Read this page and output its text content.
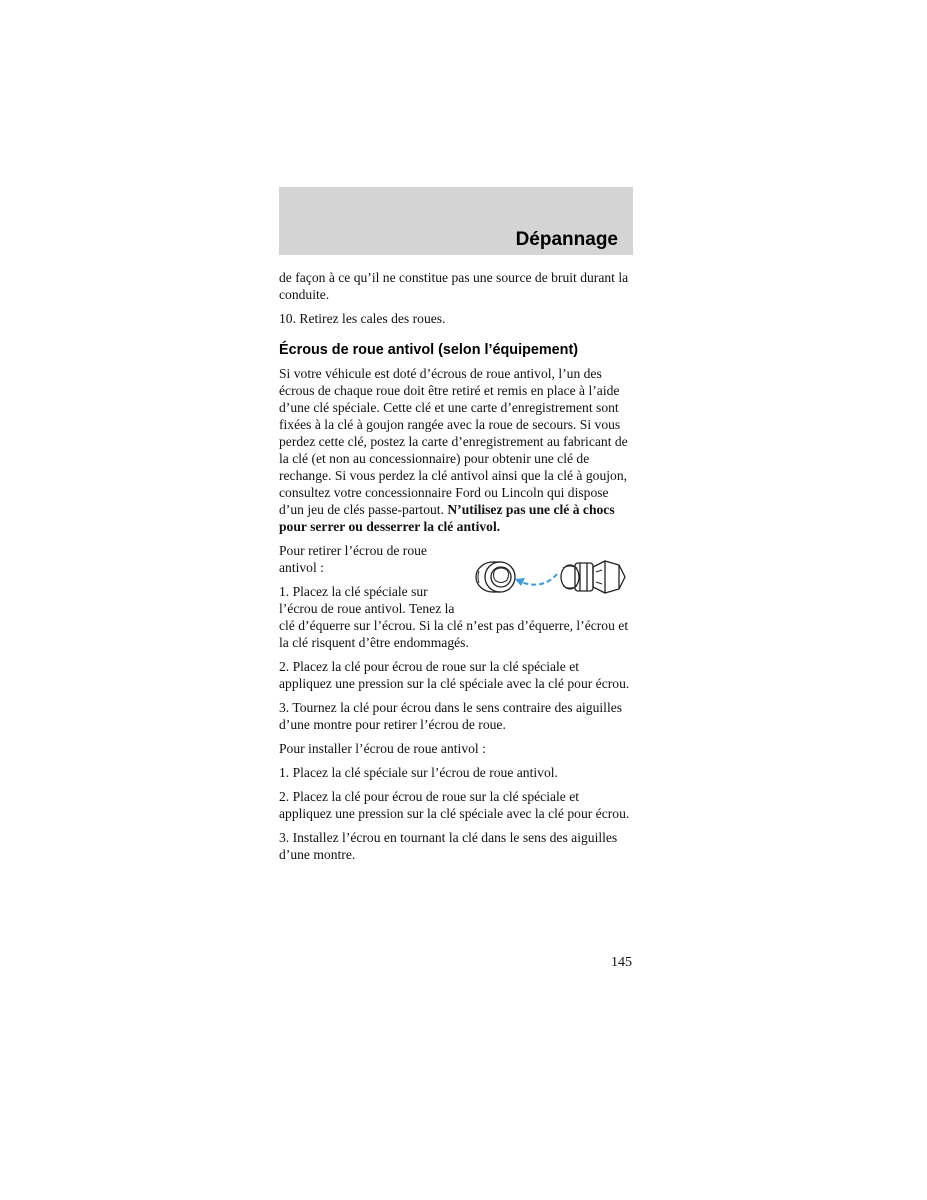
Dépannage

de façon à ce qu’il ne constitue pas une source de bruit durant la conduite.

10. Retirez les cales des roues.

Écrous de roue antivol (selon l’équipement)

Si votre véhicule est doté d’écrous de roue antivol, l’un des écrous de chaque roue doit être retiré et remis en place à l’aide d’une clé spéciale. Cette clé et une carte d’enregistrement sont fixées à la clé à goujon rangée avec la roue de secours. Si vous perdez cette clé, postez la carte d’enregistrement au fabricant de la clé (et non au concessionnaire) pour obtenir une clé de rechange. Si vous perdez la clé antivol ainsi que la clé à goujon, consultez votre concessionnaire Ford ou Lincoln qui dispose d’un jeu de clés passe-partout. N’utilisez pas une clé à chocs pour serrer ou desserrer la clé antivol.

Pour retirer l’écrou de roue antivol :

1. Placez la clé spéciale sur l’écrou de roue antivol. Tenez la clé d’équerre sur l’écrou. Si la clé n’est pas d’équerre, l’écrou et la clé risquent d’être endommagés.

2. Placez la clé pour écrou de roue sur la clé spéciale et appliquez une pression sur la clé spéciale avec la clé pour écrou.

3. Tournez la clé pour écrou dans le sens contraire des aiguilles d’une montre pour retirer l’écrou de roue.

Pour installer l’écrou de roue antivol :

1. Placez la clé spéciale sur l’écrou de roue antivol.

2. Placez la clé pour écrou de roue sur la clé spéciale et appliquez une pression sur la clé spéciale avec la clé pour écrou.

3. Installez l’écrou en tournant la clé dans le sens des aiguilles d’une montre.

145
